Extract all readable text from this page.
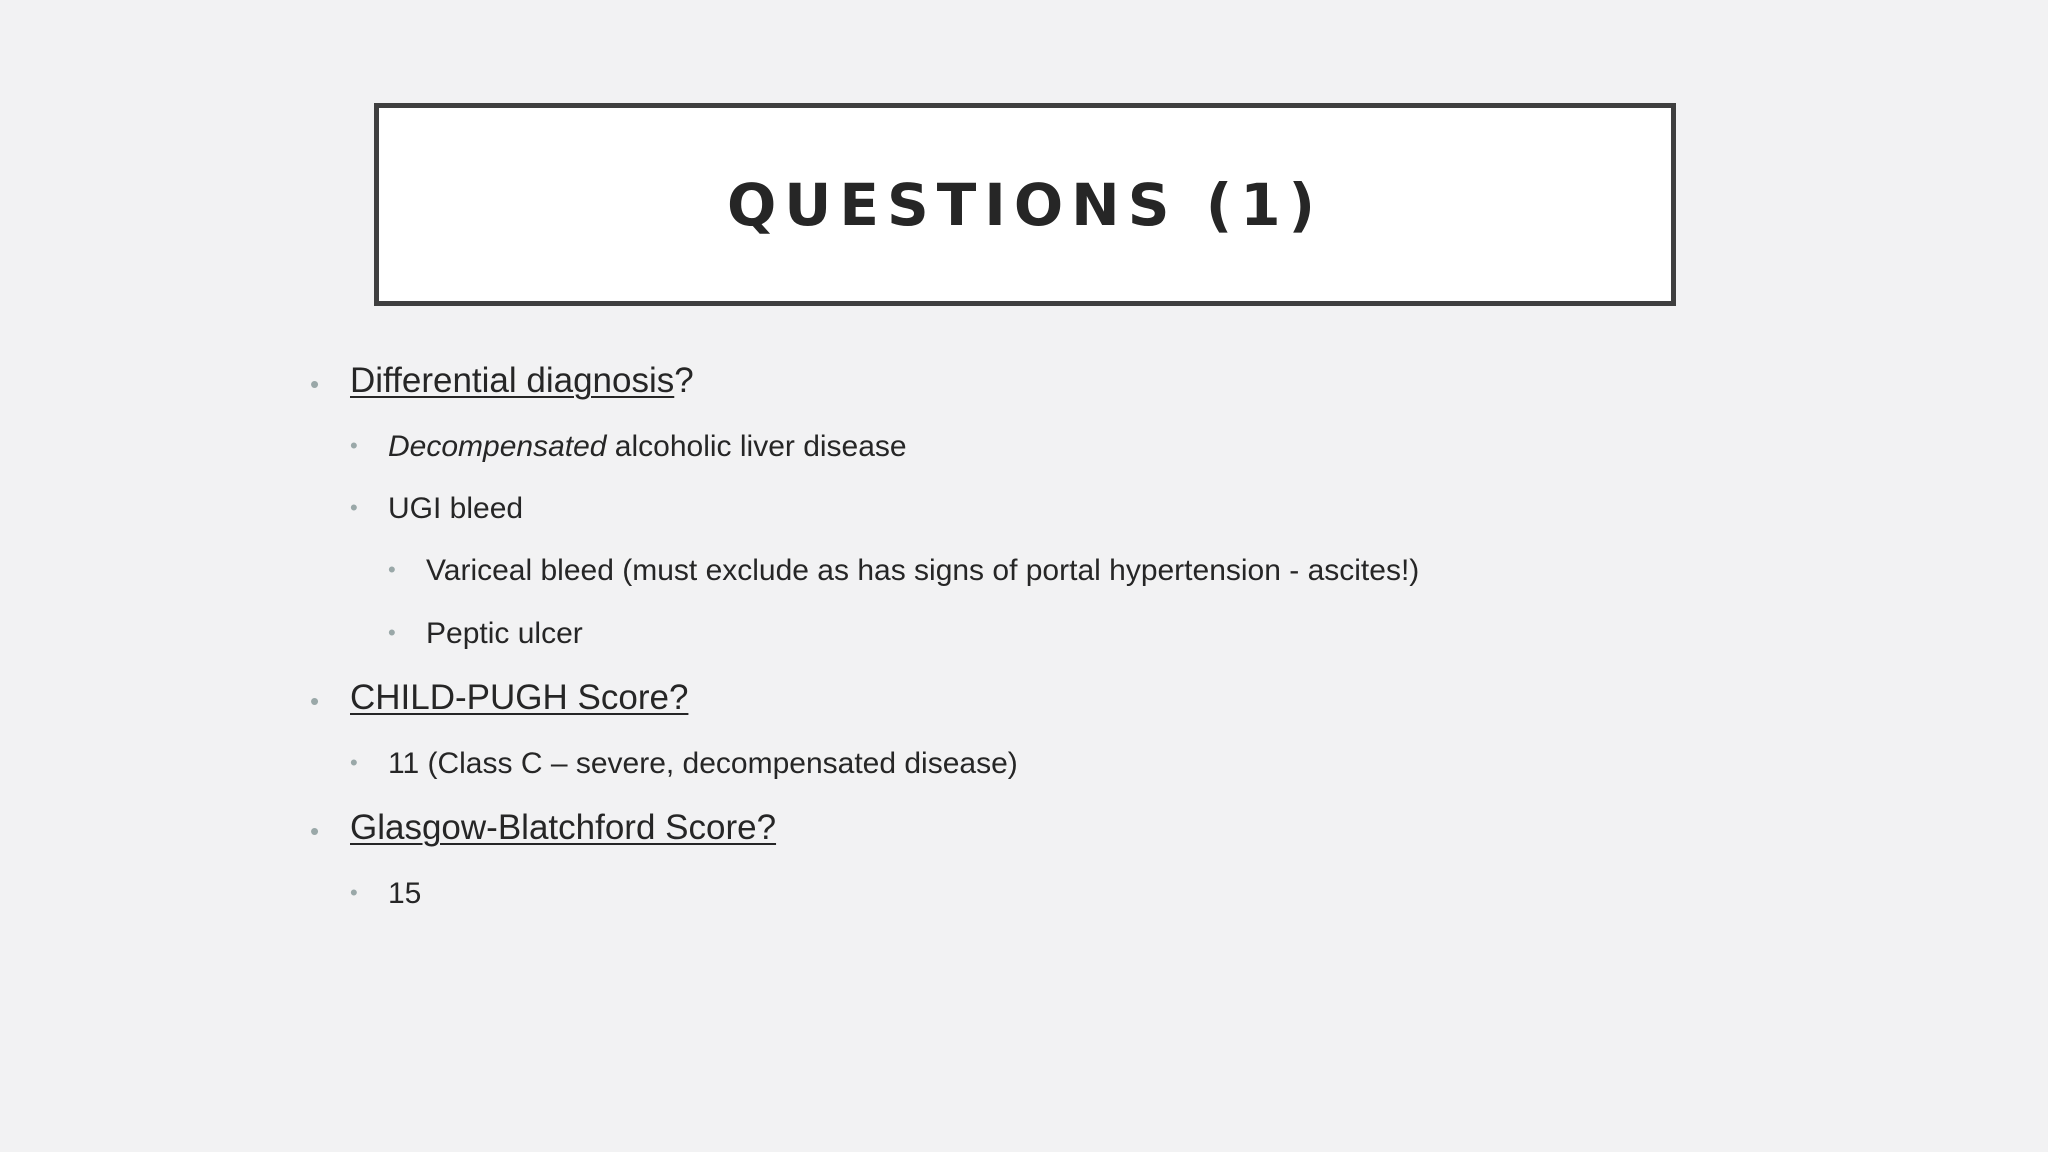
QUESTIONS (1)
• Differential diagnosis ?
• Decompensated alcoholic liver disease
• UGI bleed
• Variceal bleed (must exclude as has signs of portal hypertension - ascites!)
• Peptic ulcer
• CHILD-PUGH Score?
• 11 (Class C – severe, decompensated disease)
• Glasgow-Blatchford Score?
• 15
